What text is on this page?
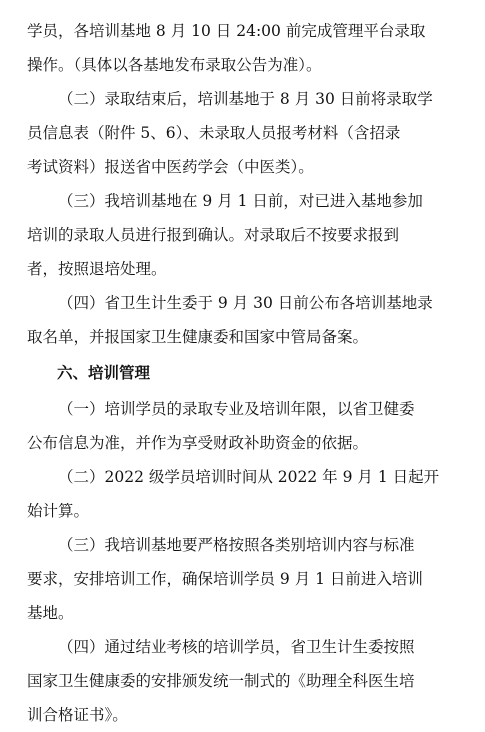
学员，各培训基地 8 月 10 日 24:00 前完成管理平台录取
操作。（具体以各基地发布录取公告为准）。
（二）录取结束后，培训基地于 8 月 30 日前将录取学
员信息表（附件 5、6）、未录取人员报考材料（含招录
考试资料）报送省中医药学会（中医类）。
（三）我培训基地在 9 月 1 日前，对已进入基地参加
培训的录取人员进行报到确认。对录取后不按要求报到
者，按照退培处理。
（四）省卫生计生委于 9 月 30 日前公布各培训基地录
取名单，并报国家卫生健康委和国家中管局备案。
六、培训管理
（一）培训学员的录取专业及培训年限，以省卫健委
公布信息为准，并作为享受财政补助资金的依据。
（二）2022 级学员培训时间从 2022 年 9 月 1 日起开
始计算。
（三）我培训基地要严格按照各类别培训内容与标准
要求，安排培训工作，确保培训学员 9 月 1 日前进入培训
基地。
（四）通过结业考核的培训学员，省卫生计生委按照
国家卫生健康委的安排颁发统一制式的《助理全科医生培
训合格证书》。
